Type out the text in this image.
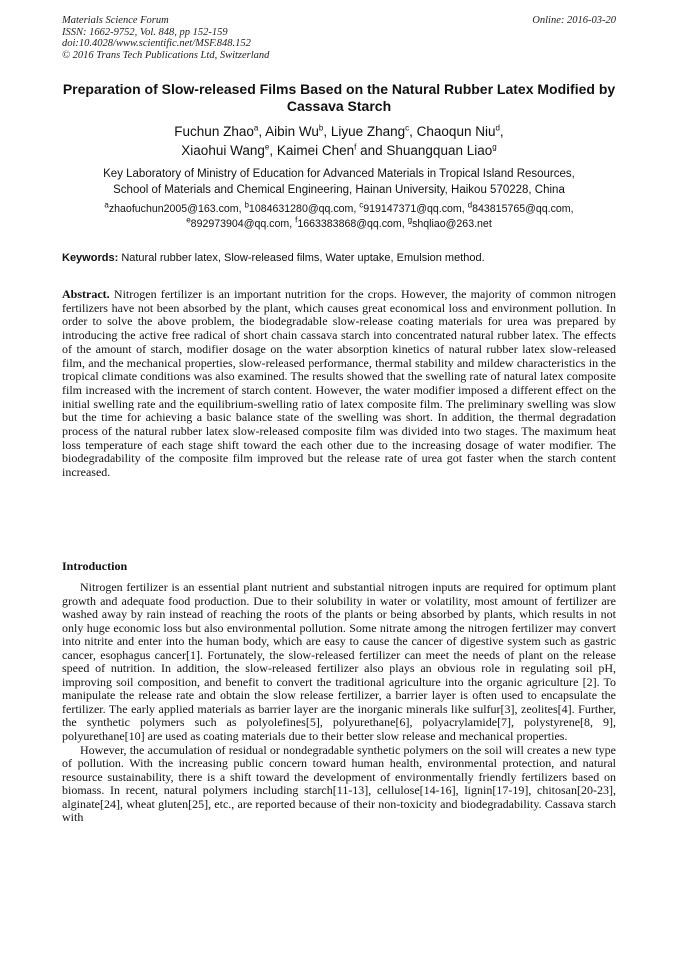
Materials Science Forum
ISSN: 1662-9752, Vol. 848, pp 152-159
doi:10.4028/www.scientific.net/MSF.848.152
© 2016 Trans Tech Publications Ltd, Switzerland
Online: 2016-03-20
Preparation of Slow-released Films Based on the Natural Rubber Latex Modified by Cassava Starch
Fuchun Zhao$^a$, Aibin Wu$^b$, Liyue Zhang$^c$, Chaoqun Niu$^d$,
Xiaohui Wang$^e$, Kaimei Chen$^f$ and Shuangquan Liao$^g$
Key Laboratory of Ministry of Education for Advanced Materials in Tropical Island Resources,
School of Materials and Chemical Engineering, Hainan University, Haikou 570228, China
$^a$zhaofuchun2005@163.com, $^b$1084631280@qq.com, $^c$919147371@qq.com, $^d$843815765@qq.com,
$^e$892973904@qq.com, $^f$1663383868@qq.com, $^g$shqliao@263.net
Keywords: Natural rubber latex, Slow-released films, Water uptake, Emulsion method.
Abstract. Nitrogen fertilizer is an important nutrition for the crops. However, the majority of common nitrogen fertilizers have not been absorbed by the plant, which causes great economical loss and environment pollution. In order to solve the above problem, the biodegradable slow-release coating materials for urea was prepared by introducing the active free radical of short chain cassava starch into concentrated natural rubber latex. The effects of the amount of starch, modifier dosage on the water absorption kinetics of natural rubber latex slow-released film, and the mechanical properties, slow-released performance, thermal stability and mildew characteristics in the tropical climate conditions was also examined. The results showed that the swelling rate of natural latex composite film increased with the increment of starch content. However, the water modifier imposed a different effect on the initial swelling rate and the equilibrium-swelling ratio of latex composite film. The preliminary swelling was slow but the time for achieving a basic balance state of the swelling was short. In addition, the thermal degradation process of the natural rubber latex slow-released composite film was divided into two stages. The maximum heat loss temperature of each stage shift toward the each other due to the increasing dosage of water modifier. The biodegradability of the composite film improved but the release rate of urea got faster when the starch content increased.
Introduction

Nitrogen fertilizer is an essential plant nutrient and substantial nitrogen inputs are required for optimum plant growth and adequate food production. Due to their solubility in water or volatility, most amount of fertilizer are washed away by rain instead of reaching the roots of the plants or being absorbed by plants, which results in not only huge economic loss but also environmental pollution. Some nitrate among the nitrogen fertilizer may convert into nitrite and enter into the human body, which are easy to cause the cancer of digestive system such as gastric cancer, esophagus cancer[1]. Fortunately, the slow-released fertilizer can meet the needs of plant on the release speed of nutrition. In addition, the slow-released fertilizer also plays an obvious role in regulating soil pH, improving soil composition, and benefit to convert the traditional agriculture into the organic agriculture [2]. To manipulate the release rate and obtain the slow release fertilizer, a barrier layer is often used to encapsulate the fertilizer. The early applied materials as barrier layer are the inorganic minerals like sulfur[3], zeolites[4]. Further, the synthetic polymers such as polyolefines[5], polyurethane[6], polyacrylamide[7], polystyrene[8, 9], polyurethane[10] are used as coating materials due to their better slow release and mechanical properties.

However, the accumulation of residual or nondegradable synthetic polymers on the soil will creates a new type of pollution. With the increasing public concern toward human health, environmental protection, and natural resource sustainability, there is a shift toward the development of environmentally friendly fertilizers based on biomass. In recent, natural polymers including starch[11-13], cellulose[14-16], lignin[17-19], chitosan[20-23], alginate[24], wheat gluten[25], etc., are reported because of their non-toxicity and biodegradability. Cassava starch with
